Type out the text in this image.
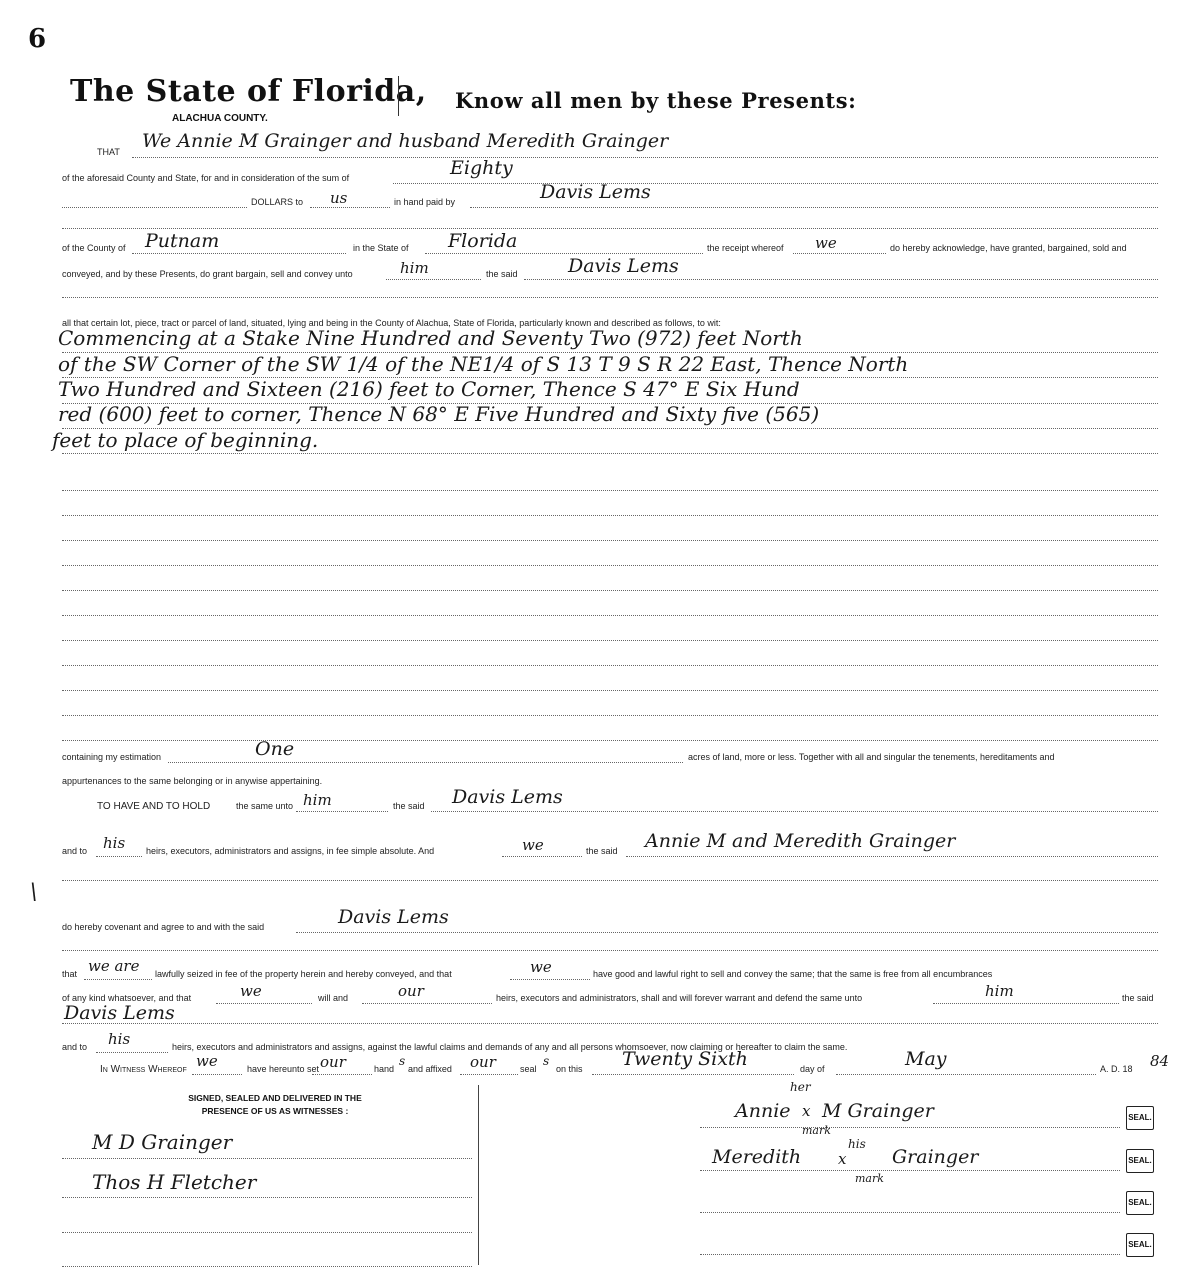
6
The State of Florida,
ALACHUA COUNTY.
Know all men by these Presents:
THAT We Annie M Grainger and husband Meredith Grainger
of the aforesaid County and State, for and in consideration of the sum of	Eighty
DOLLARS to us	in hand paid by	Davis Lems
of the County of Putnam	in the State of Florida	the receipt whereof we	do hereby acknowledge, have granted, bargained, sold and
conveyed, and by these Presents, do grant bargain, sell and convey unto	him	the said	Davis Lems
all that certain lot, piece, tract or parcel of land, situated, lying and being in the County of Alachua, State of Florida, particularly known and described as follows, to wit:
Commencing at a Stake Nine Hundred and Seventy Two (972) feet North
of the SW Corner of the SW 1/4 of the NE1/4 of S 13 T 9 S R 22 East, Thence North
Two Hundred and Sixteen (216) feet to Corner, Thence S 47° E Six Hund
red (600) feet to corner, Thence N 68° E Five Hundred and Sixty five (565)
feet to place of beginning.
containing my estimation	One	acres of land, more or less. Together with all and singular the tenements, hereditaments and
appurtenances to the same belonging or in anywise appertaining.
TO HAVE AND TO HOLD	the same unto him	the said Davis Lems
and to his heirs, executors, administrators and assigns, in fee simple absolute. And	we	the said Annie M and Meredith Grainger
\
do hereby covenant and agree to and with the said	Davis Lems
that we are lawfully seized in fee of the property herein and hereby conveyed, and that	we	have good and lawful right to sell and convey the same; that the same is free from all encumbrances
of any kind whatsoever, and that	we	will and	our	heirs, executors and administrators, shall and will forever warrant and defend the same unto	him	the said
Davis Lems
and to his	heirs, executors and administrators and assigns, against the lawful claims and demands of any and all persons whomsoever, now claiming or hereafter to claim the same.
In Witness Whereof we	have hereunto set our	hand
s
and affixed our	seal
s
on this Twenty Sixth	day of	May	A. D. 18 84
SIGNED, SEALED AND DELIVERED IN THE
PRESENCE OF US AS WITNESSES :
M D Grainger
Thos H Fletcher
her
Annie x M Grainger
mark
SEAL.
his
Meredith x Grainger
mark
SEAL.
SEAL.
SEAL.
